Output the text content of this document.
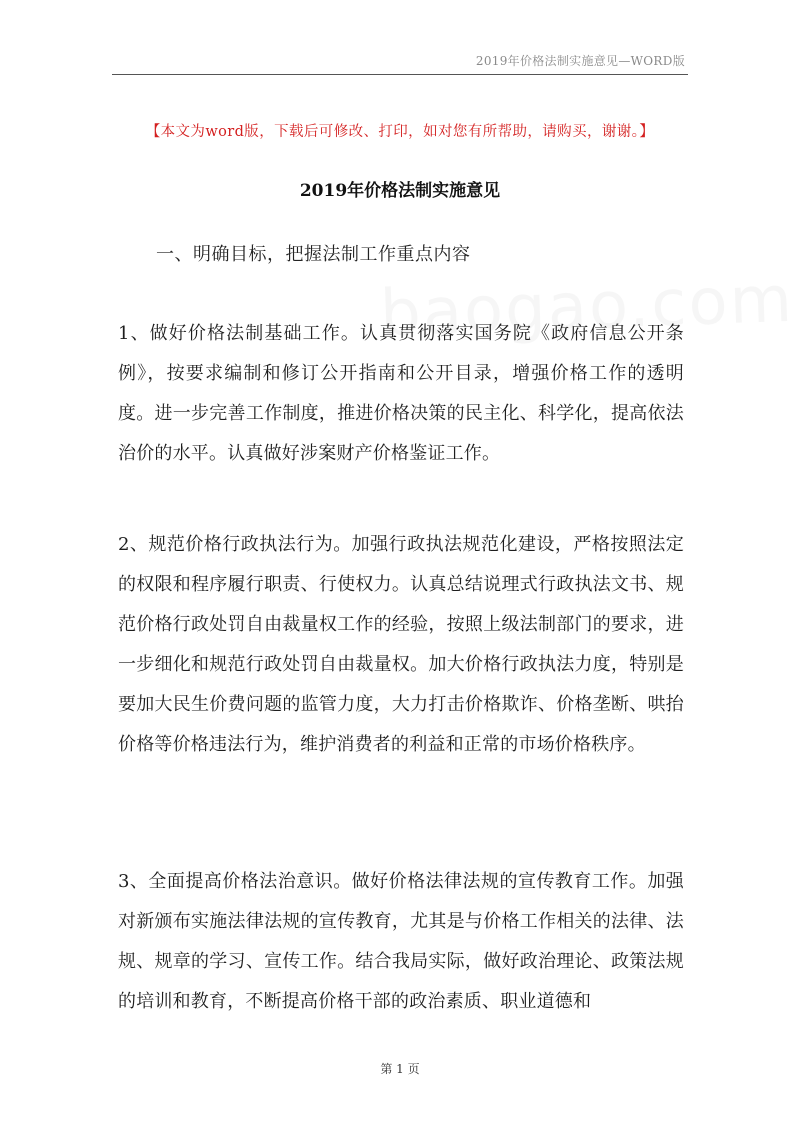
2019年价格法制实施意见—WORD版
【本文为word版，下载后可修改、打印，如对您有所帮助，请购买，谢谢。】
2019年价格法制实施意见
一、明确目标，把握法制工作重点内容
1、做好价格法制基础工作。认真贯彻落实国务院《政府信息公开条例》，按要求编制和修订公开指南和公开目录，增强价格工作的透明度。进一步完善工作制度，推进价格决策的民主化、科学化，提高依法治价的水平。认真做好涉案财产价格鉴证工作。
2、规范价格行政执法行为。加强行政执法规范化建设，严格按照法定的权限和程序履行职责、行使权力。认真总结说理式行政执法文书、规范价格行政处罚自由裁量权工作的经验，按照上级法制部门的要求，进一步细化和规范行政处罚自由裁量权。加大价格行政执法力度，特别是要加大民生价费问题的监管力度，大力打击价格欺诈、价格垄断、哄抬价格等价格违法行为，维护消费者的利益和正常的市场价格秩序。
3、全面提高价格法治意识。做好价格法律法规的宣传教育工作。加强对新颁布实施法律法规的宣传教育，尤其是与价格工作相关的法律、法规、规章的学习、宣传工作。结合我局实际，做好政治理论、政策法规的培训和教育，不断提高价格干部的政治素质、职业道德和
第 1 页
